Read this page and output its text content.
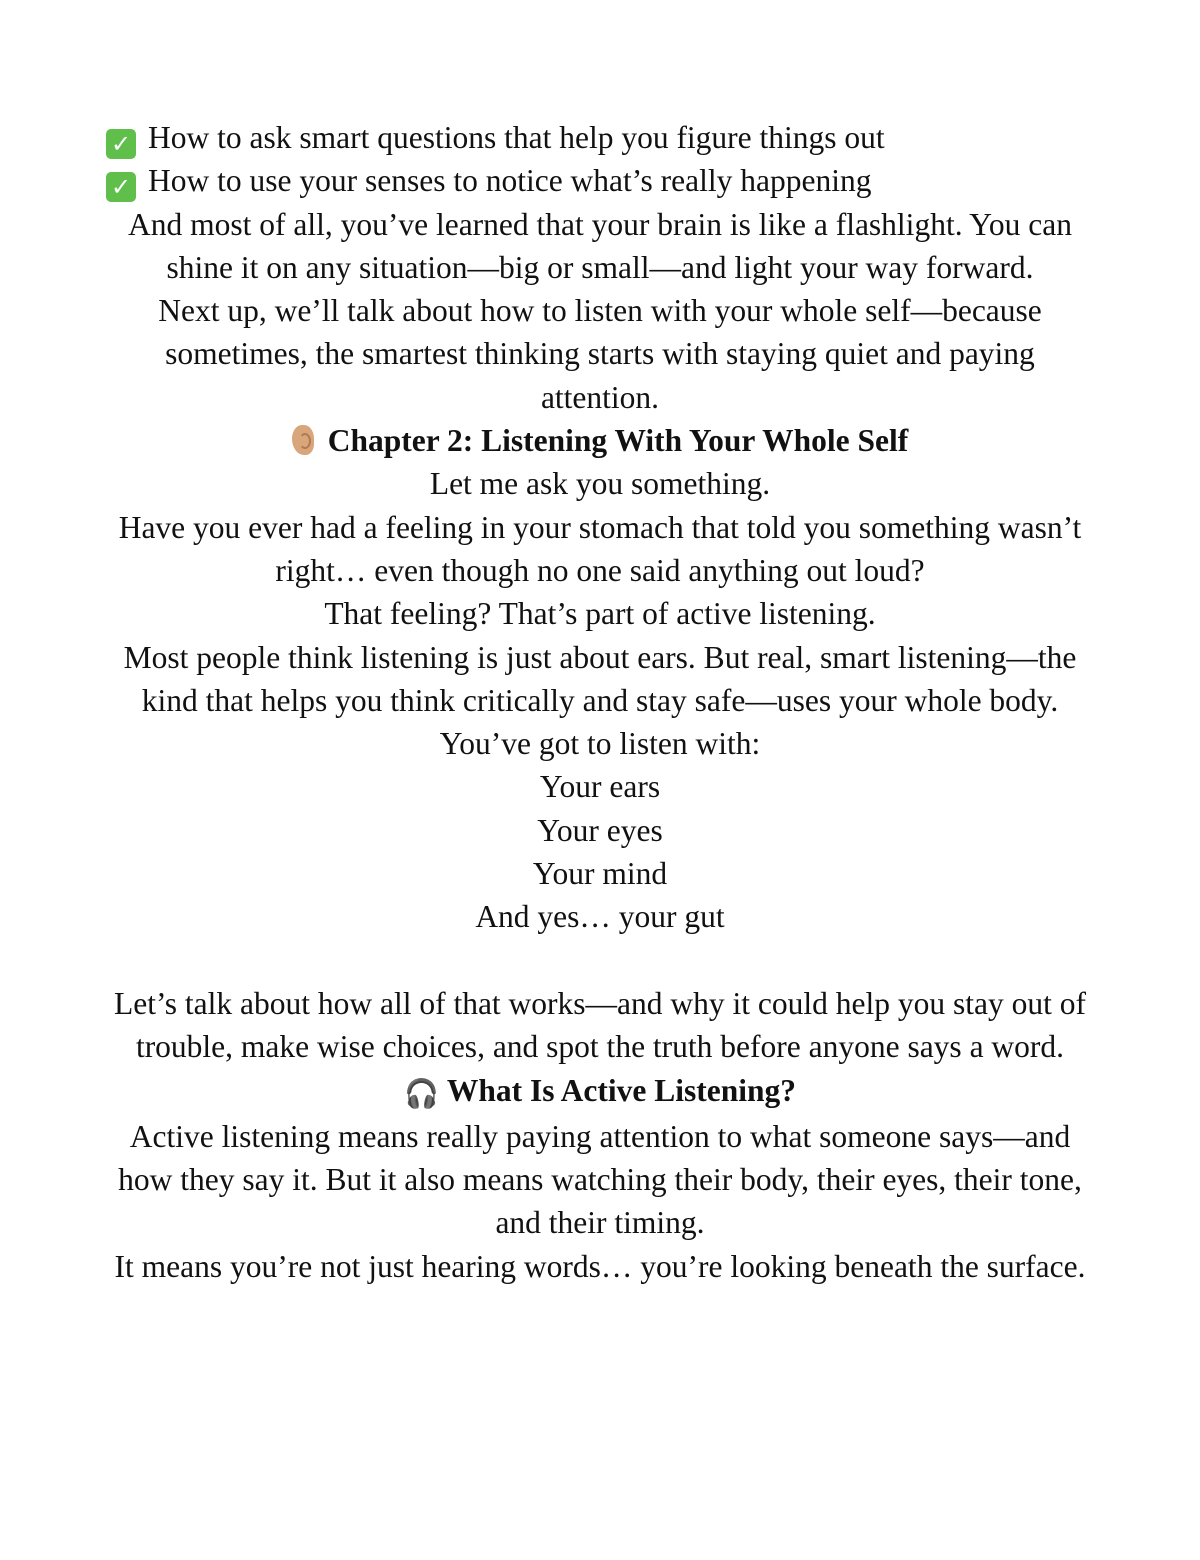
✓ How to ask smart questions that help you figure things out
✓ How to use your senses to notice what’s really happening

And most of all, you’ve learned that your brain is like a flashlight. You can shine it on any situation—big or small—and light your way forward.

Next up, we’ll talk about how to listen with your whole self—because sometimes, the smartest thinking starts with staying quiet and paying attention.

Chapter 2: Listening With Your Whole Self

Let me ask you something.

Have you ever had a feeling in your stomach that told you something wasn’t right… even though no one said anything out loud?

That feeling? That’s part of active listening.

Most people think listening is just about ears. But real, smart listening—the kind that helps you think critically and stay safe—uses your whole body.

You’ve got to listen with:

Your ears

Your eyes

Your mind

And yes… your gut

Let’s talk about how all of that works—and why it could help you stay out of trouble, make wise choices, and spot the truth before anyone says a word.

🎧 What Is Active Listening?

Active listening means really paying attention to what someone says—and how they say it. But it also means watching their body, their eyes, their tone, and their timing.

It means you’re not just hearing words… you’re looking beneath the surface.
